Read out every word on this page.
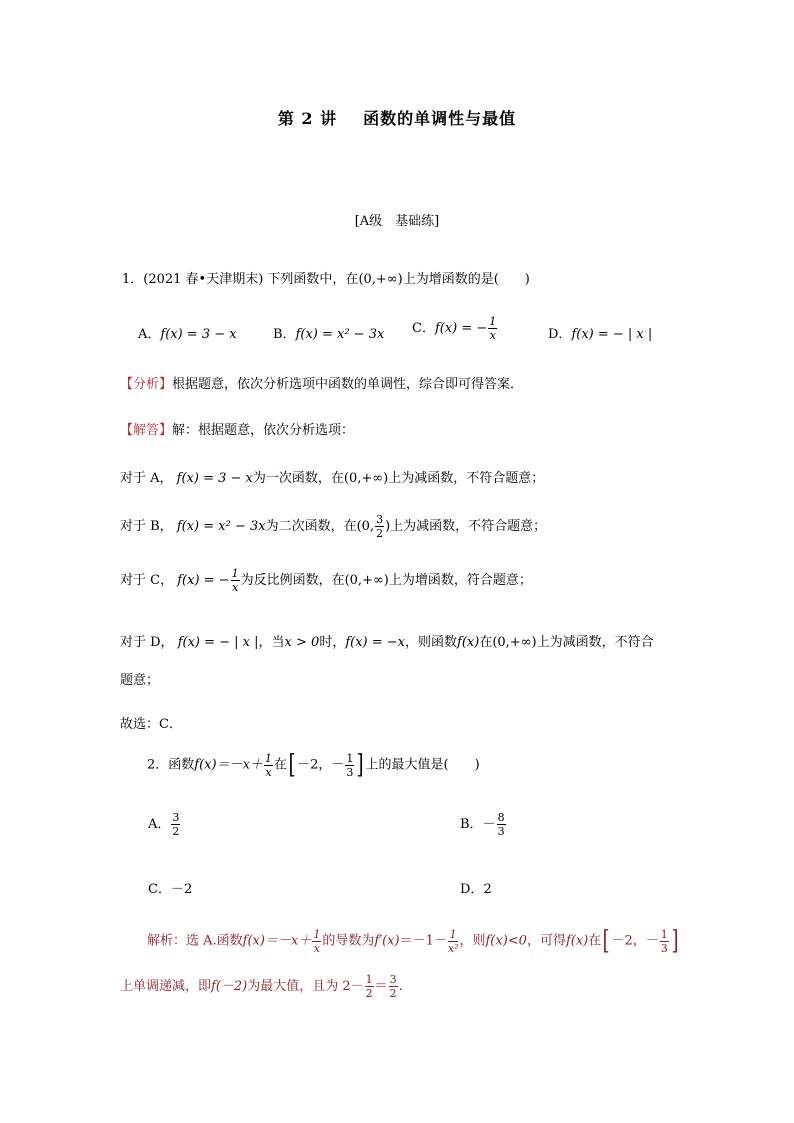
第 2 讲 函数的单调性与最值
[A级　基础练]
1．(2021 春•天津期末) 下列函数中，在(0,+∞)上为增函数的是(　　)
A．f(x) = 3 − x	B．f(x) = x² − 3x C．f(x) = − $\frac{1}{x}$	D．f(x) = − | x |
【分析】根据题意，依次分析选项中函数的单调性，综合即可得答案．
【解答】解：根据题意，依次分析选项：
对于 A， f(x) = 3 − x为一次函数，在(0,+∞)上为减函数，不符合题意；
对于 B， f(x) = x² − 3x为二次函数，在(0, $\frac{3}{2}$ )上为减函数，不符合题意；
对于 C， f(x) = − $\frac{1}{x}$ 为反比例函数，在(0,+∞)上为增函数，符合题意；
对于 D， f(x) = − | x |，当x > 0时，f(x) = −x，则函数f(x)在(0,+∞)上为减函数，不符合
题意；
故选：C．
2．函数$f(x)=-x+ \frac{1}{x}$ 在[ －2，－ $\frac{1}{3}$ ] 上的最大值是(　　)
A． $\frac{3}{2}$	B．－ $\frac{8}{3}$
C．－2	D．2
解析：选 A.函数$f(x)=-x+ \frac{1}{x}$ 的导数为$f'(x)=-1- \frac{1}{\text{x²}}$ ，则f(x)<0，可得f(x)在[ －2，－ $\frac{1}{3}$ ]
上单调递减，即f(－2)为最大值，且为 $2- \frac{1}{2} = \frac{3}{2}$ .
